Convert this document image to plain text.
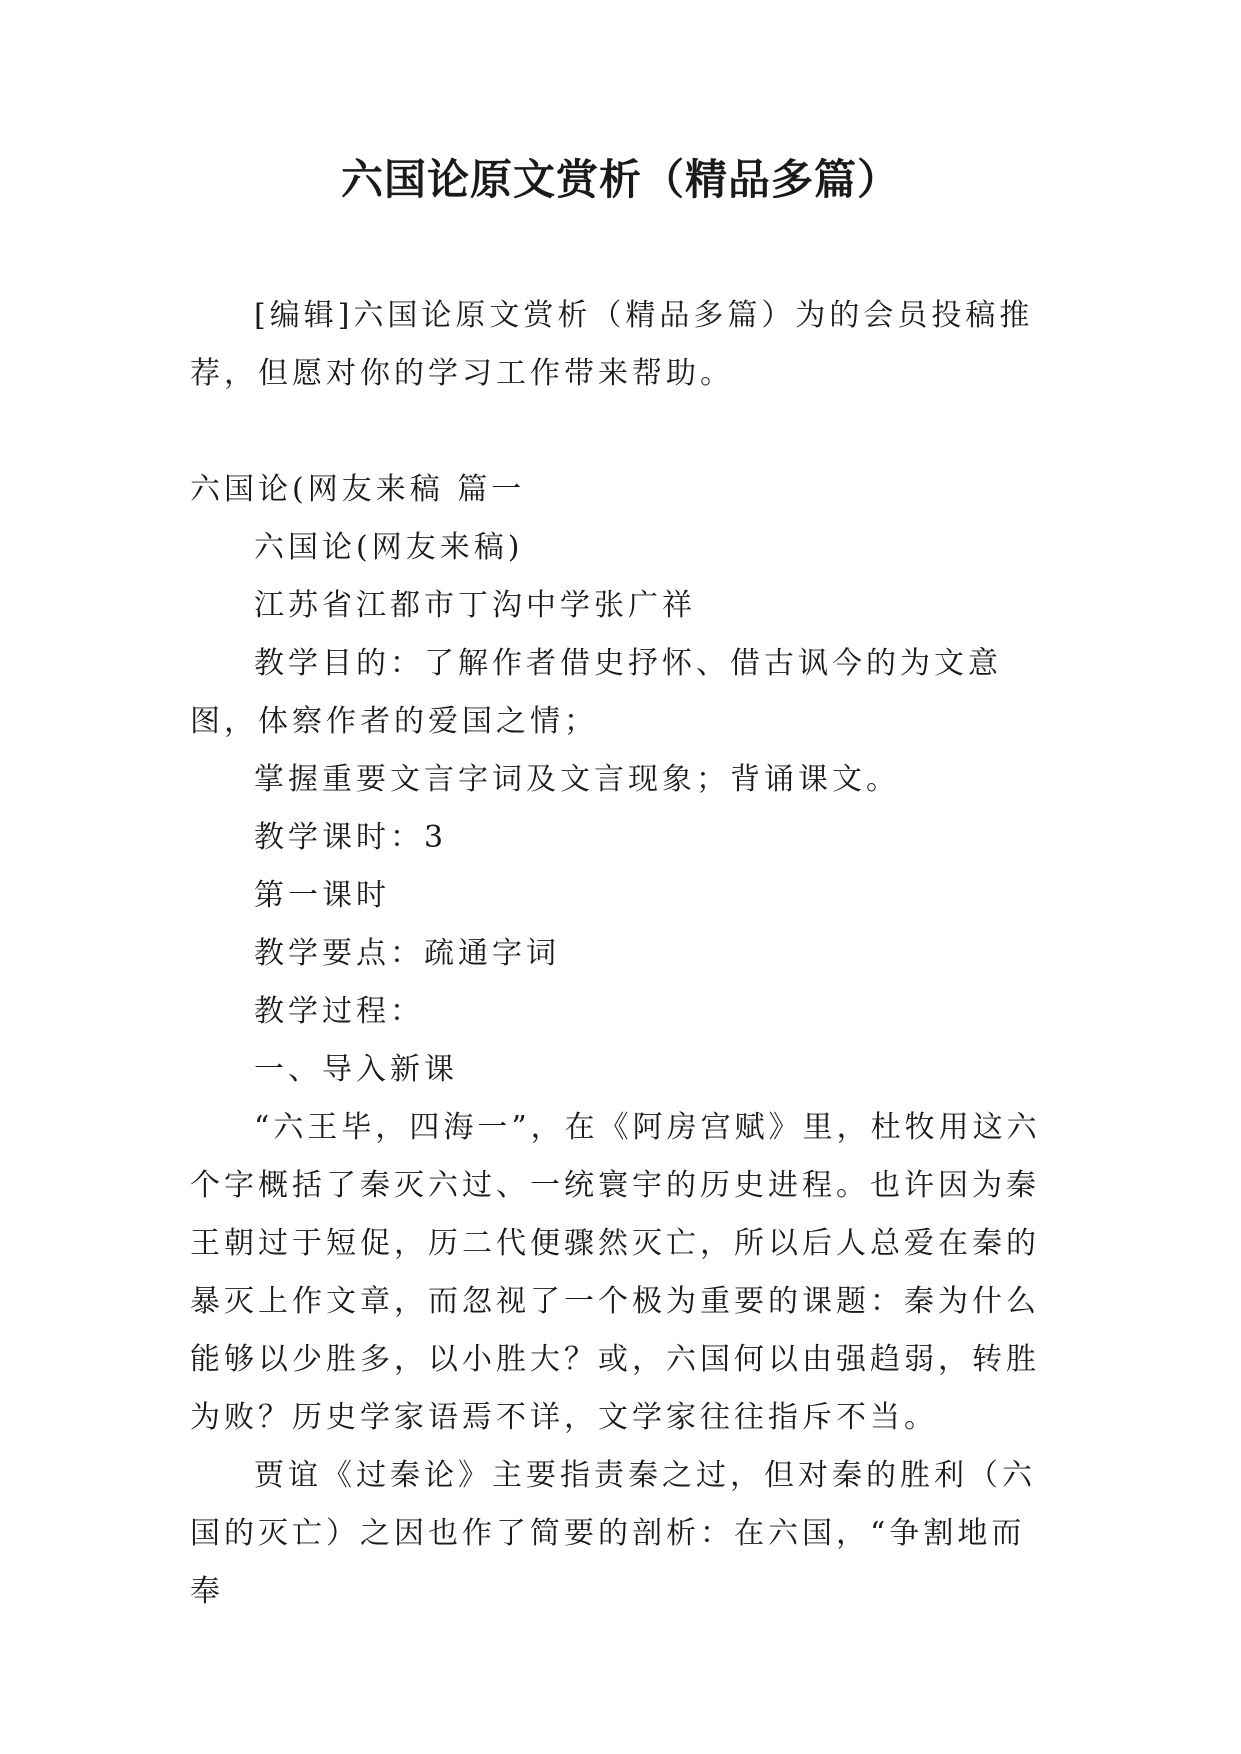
六国论原文赏析（精品多篇）

[编辑]六国论原文赏析（精品多篇）为的会员投稿推荐，但愿对你的学习工作带来帮助。

六国论(网友来稿 篇一

六国论(网友来稿)

江苏省江都市丁沟中学张广祥

教学目的：了解作者借史抒怀、借古讽今的为文意图，体察作者的爱国之情；

掌握重要文言字词及文言现象；背诵课文。

教学课时：3

第一课时

教学要点：疏通字词

教学过程：

一、导入新课

“六王毕，四海一”，在《阿房宫赋》里，杜牧用这六个字概括了秦灭六过、一统寰宇的历史进程。也许因为秦王朝过于短促，历二代便骤然灭亡，所以后人总爱在秦的暴灭上作文章，而忽视了一个极为重要的课题：秦为什么能够以少胜多，以小胜大？或，六国何以由强趋弱，转胜为败？历史学家语焉不详，文学家往往指斥不当。

贾谊《过秦论》主要指责秦之过，但对秦的胜利（六国的灭亡）之因也作了简要的剖析：在六国，“争割地而奉
